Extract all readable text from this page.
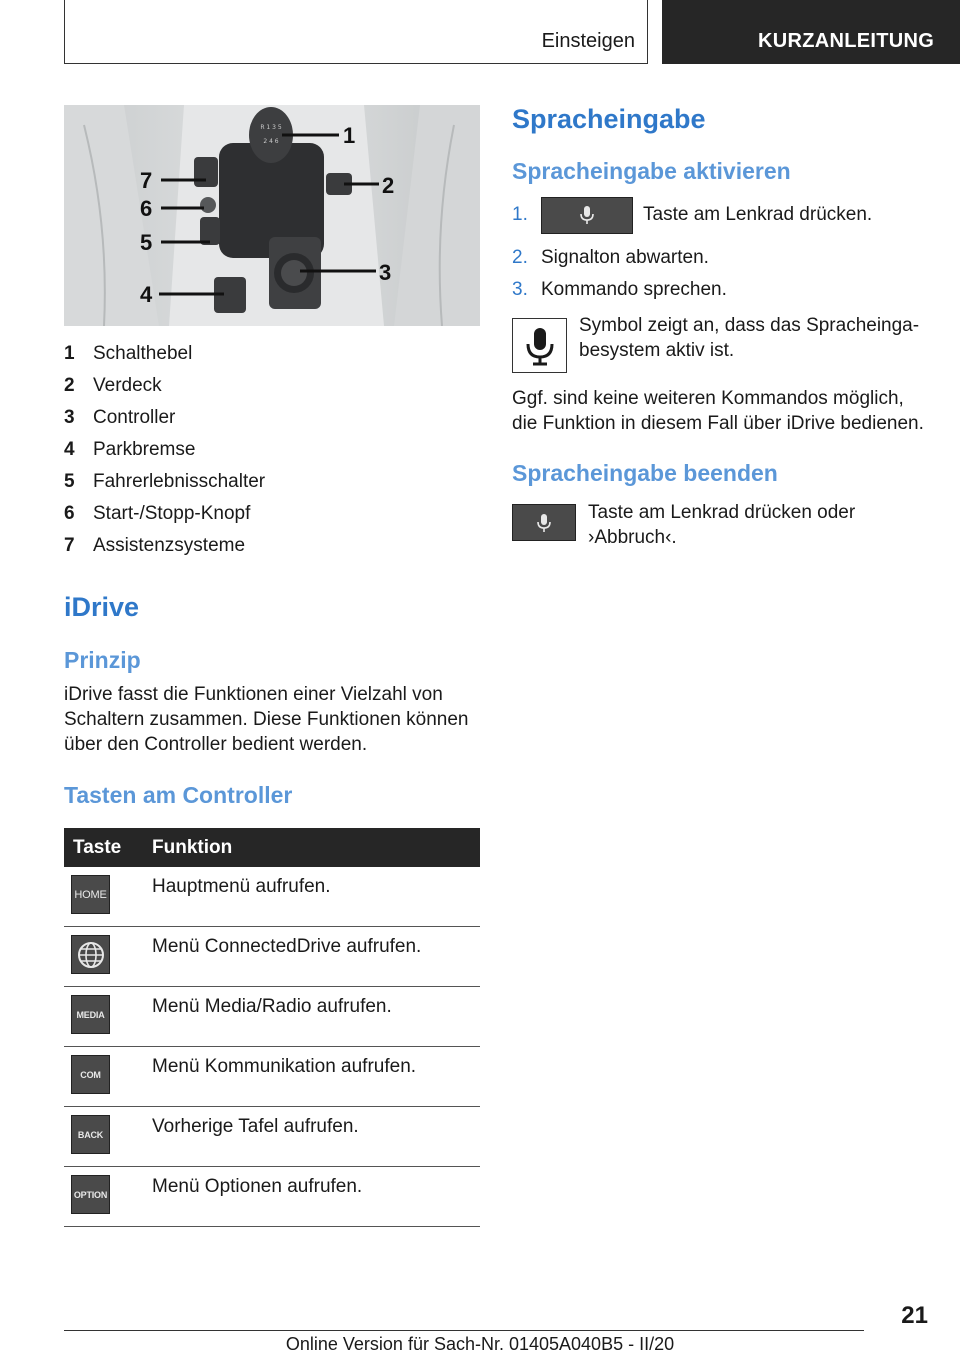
Einsteigen	KURZANLEITUNG
R 1 3 5
2 4 6	1
2
3
4
5
6
7
1 Schalthebel
2 Verdeck
3 Controller
4 Parkbremse
5 Fahrerlebnisschalter
6 Start-/Stopp-Knopf
7 Assistenzsysteme
iDrive
Prinzip
iDrive fasst die Funktionen einer Vielzahl von
Schaltern zusammen. Diese Funktionen können
über den Controller bedient werden.
Tasten am Controller
Taste	Funktion
HOME Hauptmenü aufrufen.
Menü ConnectedDrive aufrufen.
MEDIA	Menü Media/Radio aufrufen.
COM	Menü Kommunikation aufrufen.
BACK	Vorherige Tafel aufrufen.
OPTION Menü Optionen aufrufen.
Spracheingabe
Spracheingabe aktivieren
1.	Taste am Lenkrad drücken.
2. Signalton abwarten.
3. Kommando sprechen.
Symbol zeigt an, dass das Spracheinga-
besystem aktiv ist.
Ggf. sind keine weiteren Kommandos möglich,
die Funktion in diesem Fall über iDrive bedienen.
Spracheingabe beenden
Taste am Lenkrad drücken oder
›Abbruch‹.
21
Online Version für Sach-Nr. 01405A040B5 - II/20
